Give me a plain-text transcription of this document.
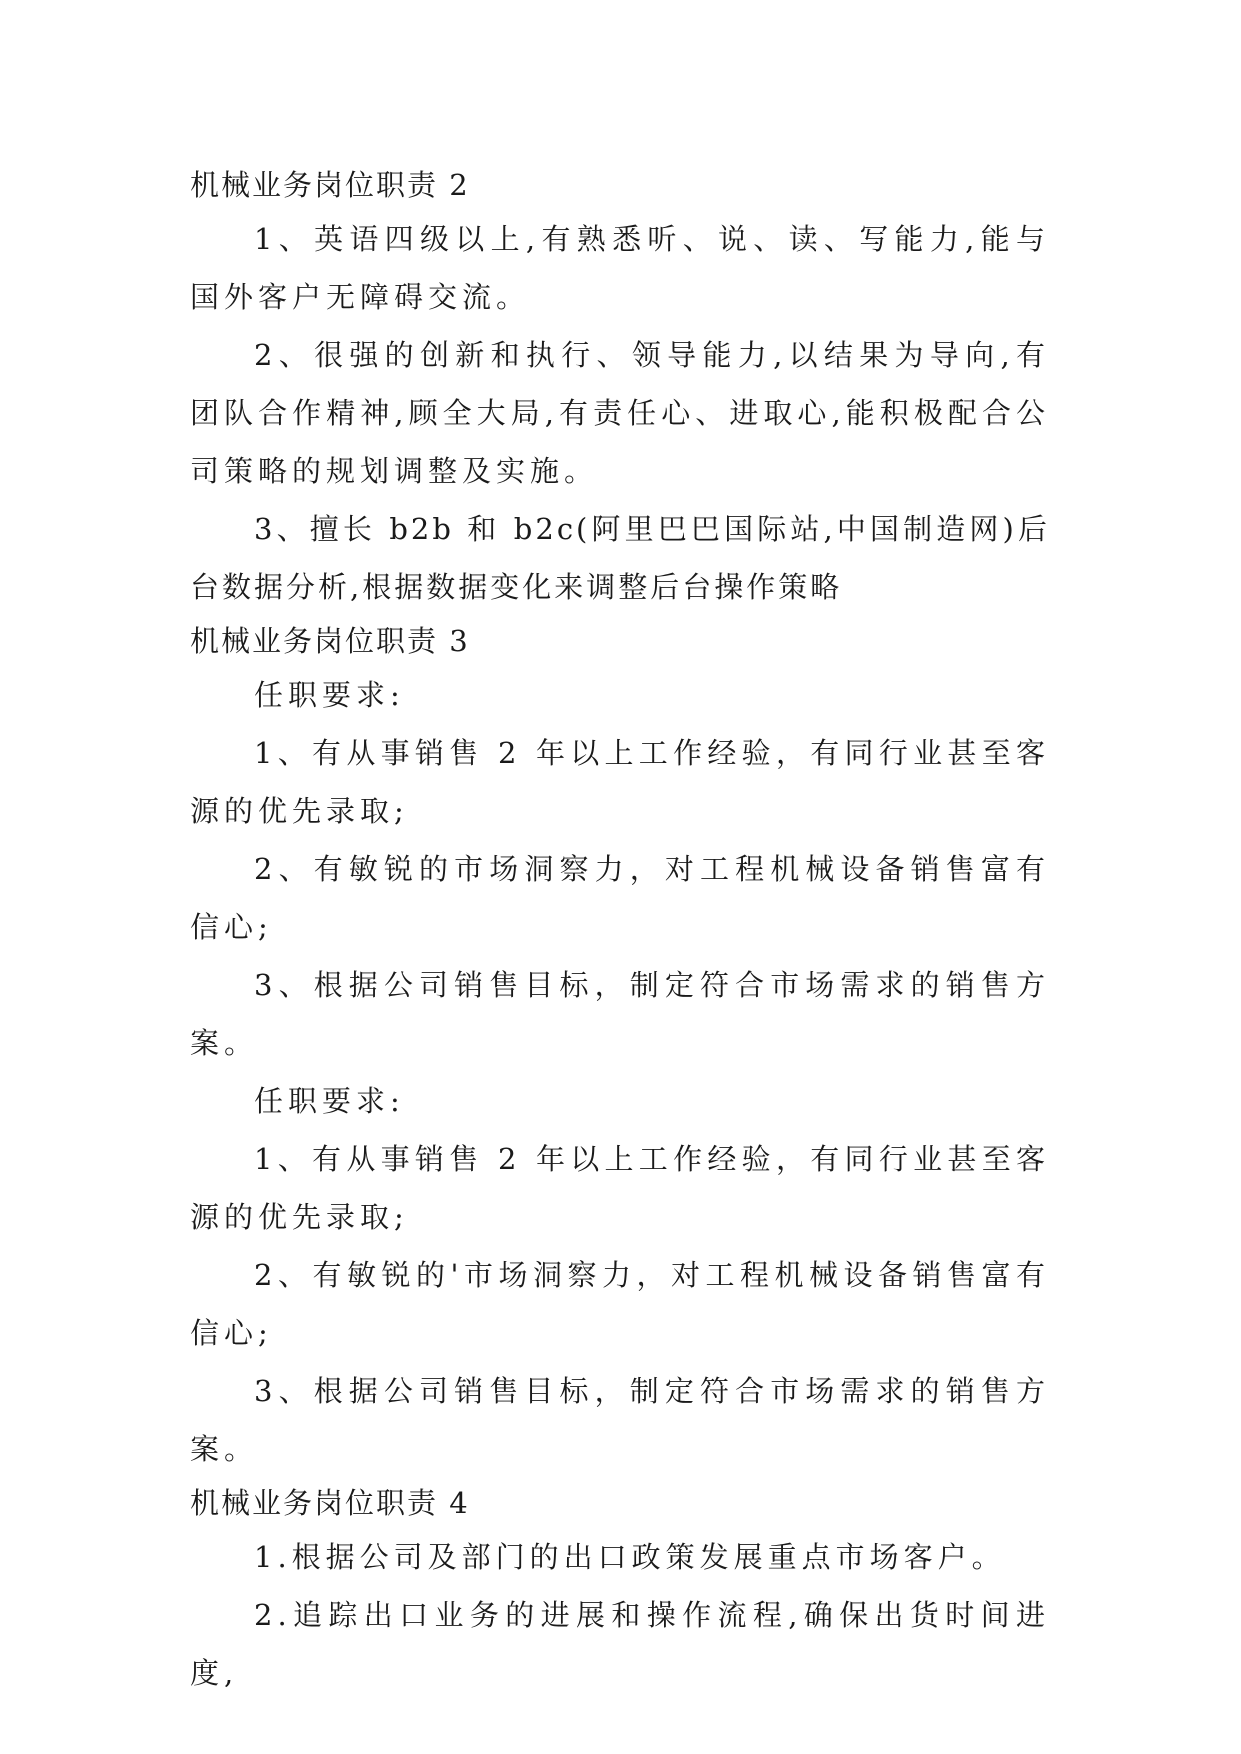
机械业务岗位职责 2

1、英语四级以上,有熟悉听、说、读、写能力,能与国外客户无障碍交流。

2、很强的创新和执行、领导能力,以结果为导向,有团队合作精神,顾全大局,有责任心、进取心,能积极配合公司策略的规划调整及实施。

3、擅长 b2b 和 b2c(阿里巴巴国际站,中国制造网)后台数据分析,根据数据变化来调整后台操作策略

机械业务岗位职责 3

任职要求:

1、有从事销售 2 年以上工作经验，有同行业甚至客源的优先录取;

2、有敏锐的市场洞察力，对工程机械设备销售富有信心;

3、根据公司销售目标，制定符合市场需求的销售方案。

任职要求:

1、有从事销售 2 年以上工作经验，有同行业甚至客源的优先录取;

2、有敏锐的'市场洞察力，对工程机械设备销售富有信心;

3、根据公司销售目标，制定符合市场需求的销售方案。

机械业务岗位职责 4

1.根据公司及部门的出口政策发展重点市场客户。

2.追踪出口业务的进展和操作流程,确保出货时间进度,
